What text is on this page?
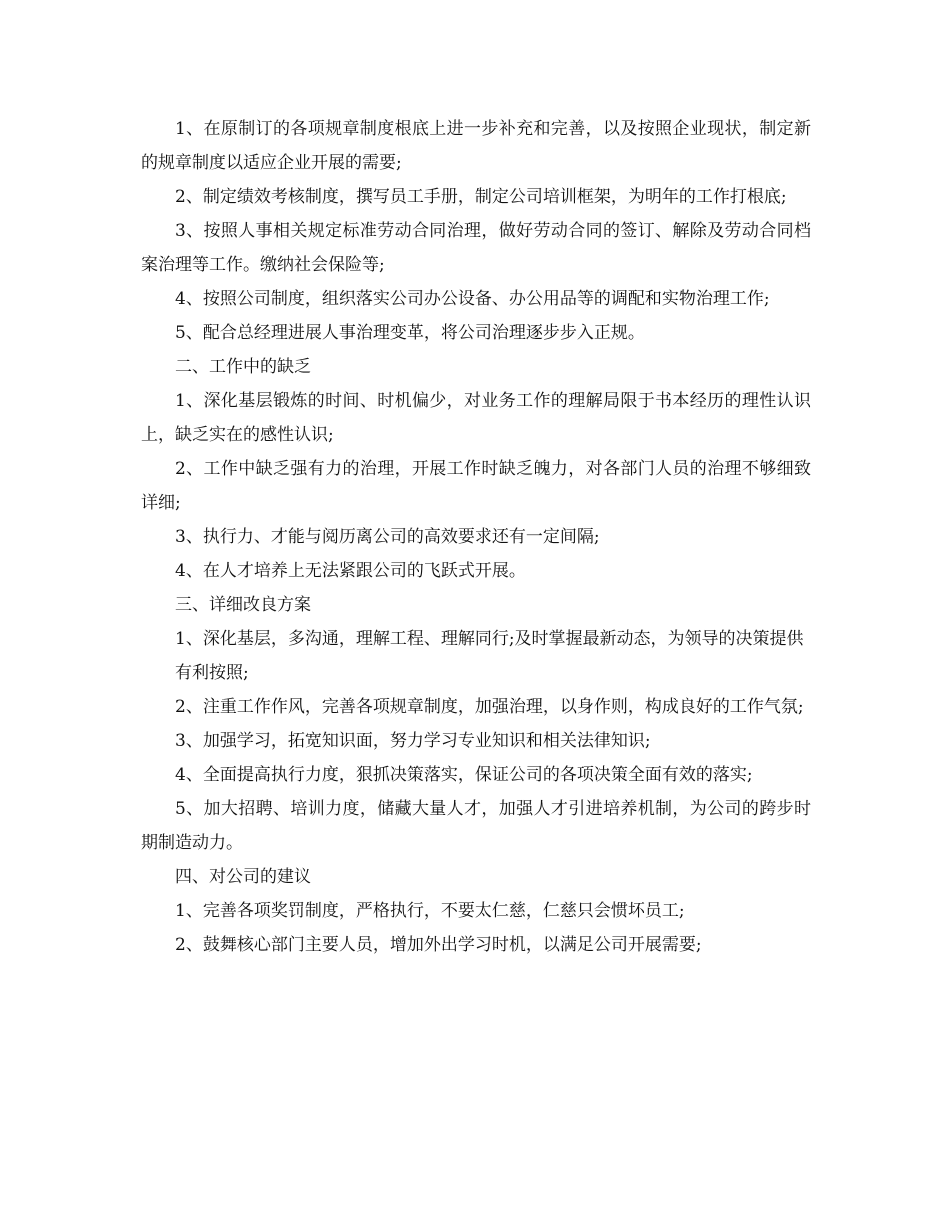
1、在原制订的各项规章制度根底上进一步补充和完善，以及按照企业现状，制定新的规章制度以适应企业开展的需要;

2、制定绩效考核制度，撰写员工手册，制定公司培训框架，为明年的工作打根底;

3、按照人事相关规定标准劳动合同治理，做好劳动合同的签订、解除及劳动合同档案治理等工作。缴纳社会保险等;

4、按照公司制度，组织落实公司办公设备、办公用品等的调配和实物治理工作;

5、配合总经理进展人事治理变革，将公司治理逐步步入正规。

二、工作中的缺乏

1、深化基层锻炼的时间、时机偏少，对业务工作的理解局限于书本经历的理性认识上，缺乏实在的感性认识;

2、工作中缺乏强有力的治理，开展工作时缺乏魄力，对各部门人员的治理不够细致详细;

3、执行力、才能与阅历离公司的高效要求还有一定间隔;

4、在人才培养上无法紧跟公司的飞跃式开展。

三、详细改良方案

1、深化基层，多沟通，理解工程、理解同行;及时掌握最新动态，为领导的决策提供

有利按照;

2、注重工作作风，完善各项规章制度，加强治理，以身作则，构成良好的工作气氛;

3、加强学习，拓宽知识面，努力学习专业知识和相关法律知识;

4、全面提高执行力度，狠抓决策落实，保证公司的各项决策全面有效的落实;

5、加大招聘、培训力度，储藏大量人才，加强人才引进培养机制，为公司的跨步时期制造动力。

四、对公司的建议

1、完善各项奖罚制度，严格执行，不要太仁慈，仁慈只会惯坏员工;

2、鼓舞核心部门主要人员，增加外出学习时机，以满足公司开展需要;
